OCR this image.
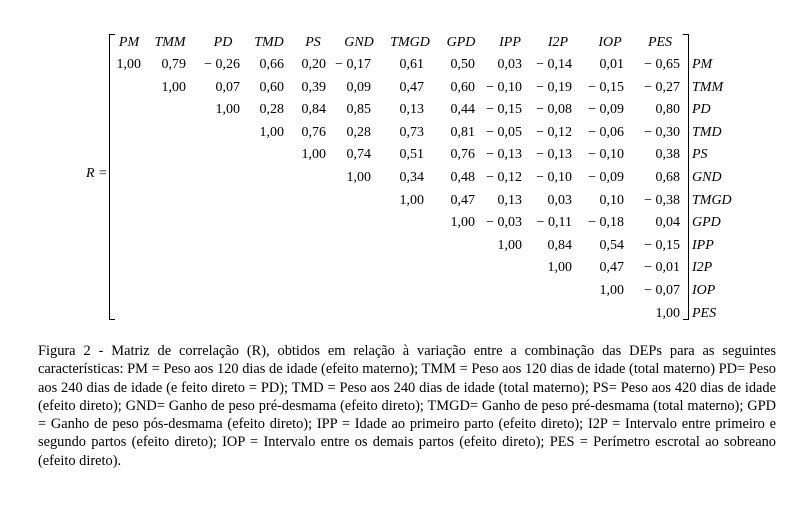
R =
PM TMM PD TMD PS GND TMGD GPD IPP I2P IOP PES
1,00 0,79 − 0,26 0,66 0,20 − 0,17 0,61 0,50 0,03 − 0,14 0,01 − 0,65 PM
1,00 0,07 0,60 0,39 0,09 0,47 0,60 − 0,10 − 0,19 − 0,15 − 0,27 TMM
1,00 0,28 0,84 0,85 0,13 0,44 − 0,15 − 0,08 − 0,09 0,80 PD
1,00 0,76 0,28 0,73 0,81 − 0,05 − 0,12 − 0,06 − 0,30 TMD
1,00 0,74 0,51 0,76 − 0,13 − 0,13 − 0,10 0,38 PS
1,00 0,34 0,48 − 0,12 − 0,10 − 0,09 0,68 GND
1,00 0,47 0,13 0,03 0,10 − 0,38 TMGD
1,00 − 0,03 − 0,11 − 0,18 0,04 GPD
1,00 0,84 0,54 − 0,15 IPP
1,00 0,47 − 0,01 I2P
1,00 − 0,07 IOP
1,00 PES
Figura 2 - Matriz de correlação (R), obtidos em relação à variação entre a combinação das DEPs para as seguintes características: PM = Peso aos 120 dias de idade (efeito materno); TMM = Peso aos 120 dias de idade (total materno) PD= Peso aos 240 dias de idade (e feito direto = PD); TMD = Peso aos 240 dias de idade (total materno); PS= Peso aos 420 dias de idade (efeito direto); GND= Ganho de peso pré-desmama (efeito direto); TMGD= Ganho de peso pré-desmama (total materno); GPD = Ganho de peso pós-desmama (efeito direto); IPP = Idade ao primeiro parto (efeito direto); I2P = Intervalo entre primeiro e segundo partos (efeito direto); IOP = Intervalo entre os demais partos (efeito direto); PES = Perímetro escrotal ao sobreano (efeito direto).
